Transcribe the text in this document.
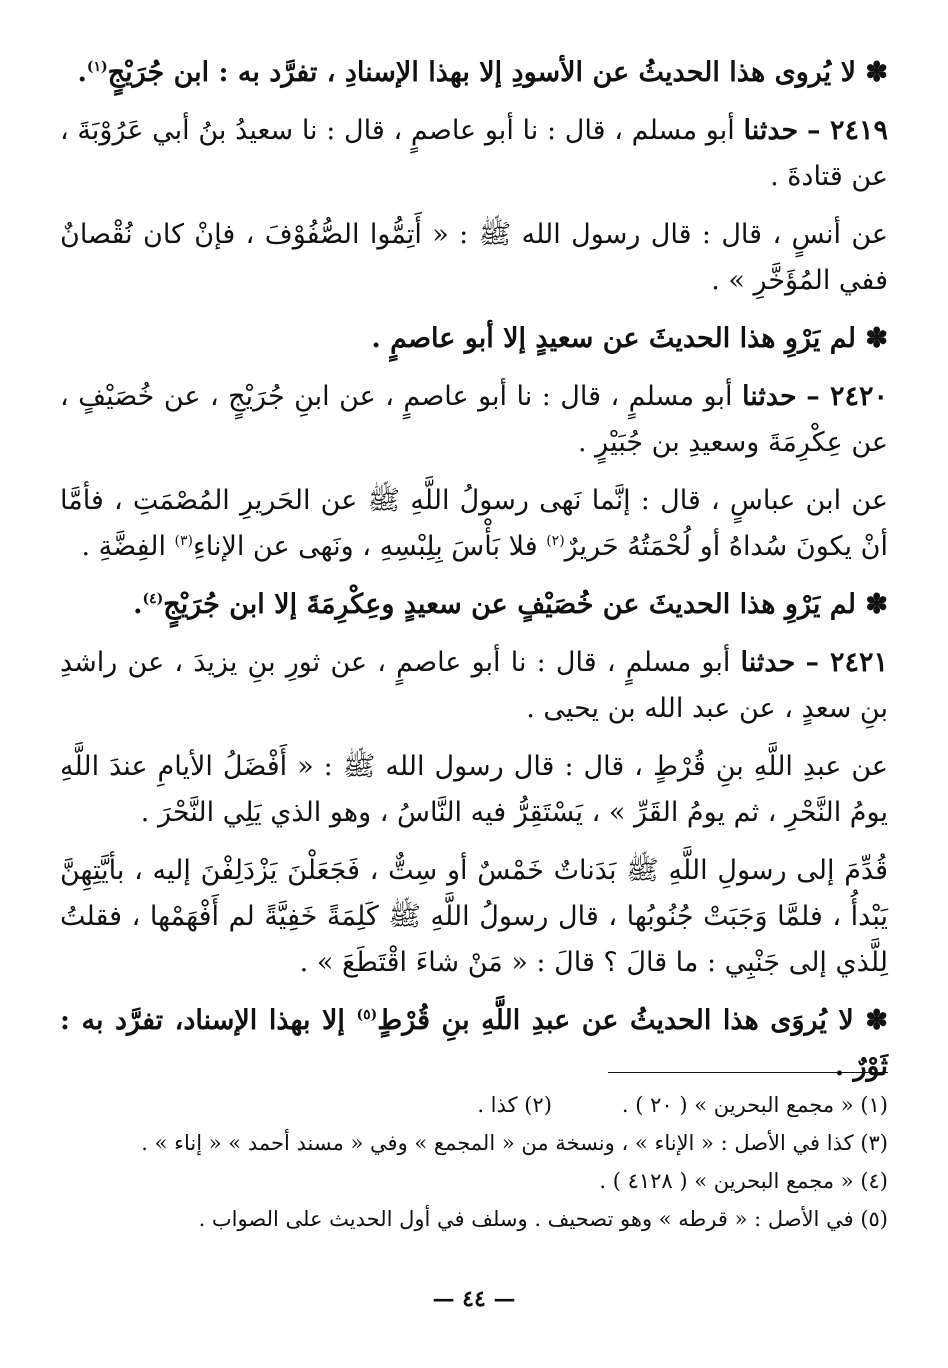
✽ لا يُروى هذا الحديثُ عن الأسودِ إلا بهذا الإسنادِ ، تفرَّد به : ابن جُرَيْجٍ$^{(١)}$.

٢٤١٩ – حدثنا أبو مسلم ، قال : نا أبو عاصمٍ ، قال : نا سعيدُ بنُ أبي عَرُوْبَةَ ، عن قتادةَ .

عن أنسٍ ، قال : قال رسول الله ﷺ : « أَتِمُّوا الصُّفُوْفَ ، فإنْ كان نُقْصانٌ ففي المُؤَخَّرِ » .

✽ لم يَرْوِ هذا الحديثَ عن سعيدٍ إلا أبو عاصمٍ .

٢٤٢٠ – حدثنا أبو مسلمٍ ، قال : نا أبو عاصمٍ ، عن ابنِ جُرَيْجٍ ، عن خُصَيْفٍ ، عن عِكْرِمَةَ وسعيدِ بن جُبَيْرٍ .

عن ابن عباسٍ ، قال : إنَّما نَهى رسولُ اللَّهِ ﷺ عن الحَريرِ المُصْمَتِ ، فأمَّا أنْ يكونَ سُداهُ أو لُحْمَتُهُ حَريرٌ$^{(٢)}$ فلا بَأْسَ بِلِبْسِهِ ، ونَهى عن الإناءِ$^{(٣)}$ الفِضَّةِ .

✽ لم يَرْوِ هذا الحديثَ عن خُصَيْفٍ عن سعيدٍ وعِكْرِمَةَ إلا ابن جُرَيْجٍ$^{(٤)}$.

٢٤٢١ – حدثنا أبو مسلمٍ ، قال : نا أبو عاصمٍ ، عن ثورِ بنِ يزيدَ ، عن راشدِ بنِ سعدٍ ، عن عبد الله بن يحيى .

عن عبدِ اللَّهِ بنِ قُرْطٍ ، قال : قال رسول الله ﷺ : « أَفْضَلُ الأيامِ عندَ اللَّهِ يومُ النَّحْرِ ، ثم يومُ القَرِّ » ، يَسْتَقِرُّ فيه النَّاسُ ، وهو الذي يَلِي النَّحْرَ .

قُدِّمَ إلى رسولِ اللَّهِ ﷺ بَدَناتٌ خَمْسٌ أو سِتٌّ ، فَجَعَلْنَ يَزْدَلِفْنَ إليه ، بأيَّتِهِنَّ يَبْدأُ ، فلمَّا وَجَبَتْ جُنُوبُها ، قال رسولُ اللَّهِ ﷺ كَلِمَةً خَفِيَّةً لم أَفْهَمْها ، فقلتُ لِلَّذي إلى جَنْبِي : ما قالَ ؟ قالَ : « مَنْ شاءَ اقْتَطَعَ » .

✽ لا يُروَى هذا الحديثُ عن عبدِ اللَّهِ بنِ قُرْطٍ$^{(٥)}$ إلا بهذا الإسناد، تفرَّد به : ثَوْرٌ .

(١) « مجمع البحرين » ( ٢٠ ) .
(٢) كذا .
(٣) كذا في الأصل : « الإناء » ، ونسخة من « المجمع » وفي « مسند أحمد » « إناء » .
(٤) « مجمع البحرين » ( ٤١٢٨ ) .
(٥) في الأصل : « قرطه » وهو تصحيف . وسلف في أول الحديث على الصواب .
— ٤٤ —
